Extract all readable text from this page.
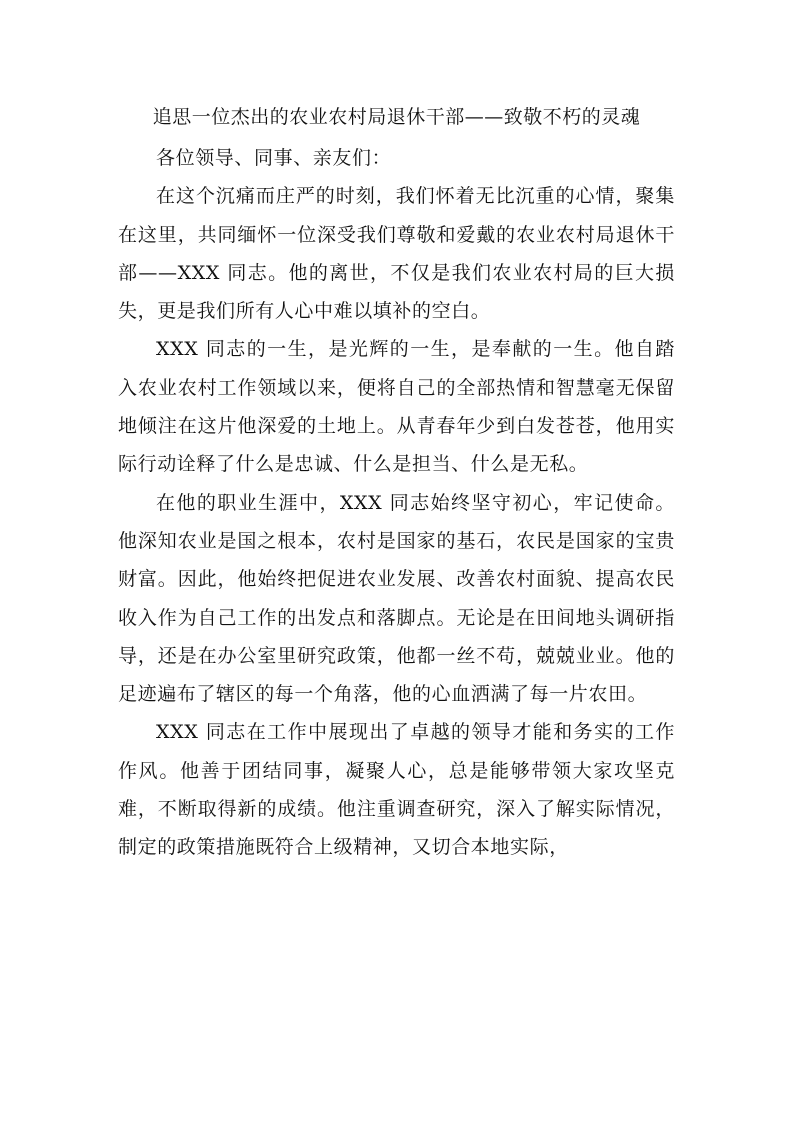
追思一位杰出的农业农村局退休干部——致敬不朽的灵魂

各位领导、同事、亲友们：

在这个沉痛而庄严的时刻，我们怀着无比沉重的心情，聚集在这里，共同缅怀一位深受我们尊敬和爱戴的农业农村局退休干部——XXX 同志。他的离世，不仅是我们农业农村局的巨大损失，更是我们所有人心中难以填补的空白。

XXX 同志的一生，是光辉的一生，是奉献的一生。他自踏入农业农村工作领域以来，便将自己的全部热情和智慧毫无保留地倾注在这片他深爱的土地上。从青春年少到白发苍苍，他用实际行动诠释了什么是忠诚、什么是担当、什么是无私。

在他的职业生涯中，XXX 同志始终坚守初心，牢记使命。他深知农业是国之根本，农村是国家的基石，农民是国家的宝贵财富。因此，他始终把促进农业发展、改善农村面貌、提高农民收入作为自己工作的出发点和落脚点。无论是在田间地头调研指导，还是在办公室里研究政策，他都一丝不苟，兢兢业业。他的足迹遍布了辖区的每一个角落，他的心血洒满了每一片农田。

XXX 同志在工作中展现出了卓越的领导才能和务实的工作作风。他善于团结同事，凝聚人心，总是能够带领大家攻坚克难，不断取得新的成绩。他注重调查研究，深入了解实际情况，制定的政策措施既符合上级精神，又切合本地实际，
